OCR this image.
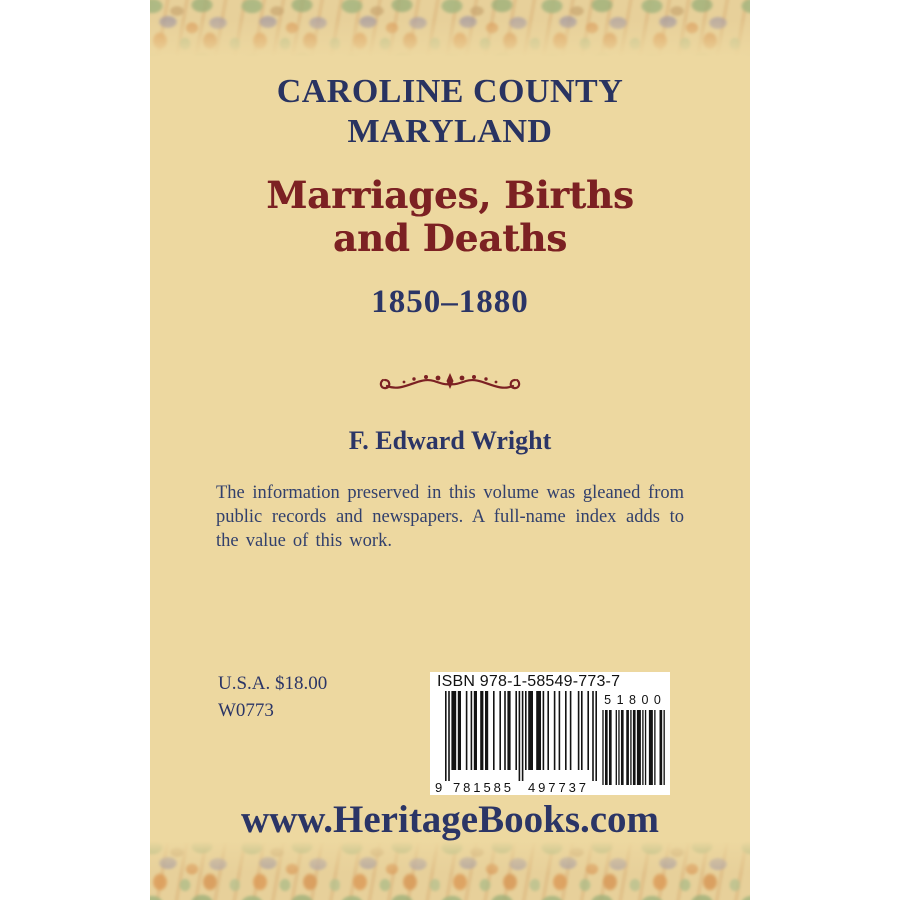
CAROLINE COUNTY
MARYLAND
Marriages, Births
and Deaths
1850–1880
F. Edward Wright
The information preserved in this volume was gleaned from public records and newspapers. A full-name index adds to the value of this work.
U.S.A. $18.00
W0773
ISBN 978-1-58549-773-7
9 781585 497737
5 1 8 0 0
www.HeritageBooks.com
